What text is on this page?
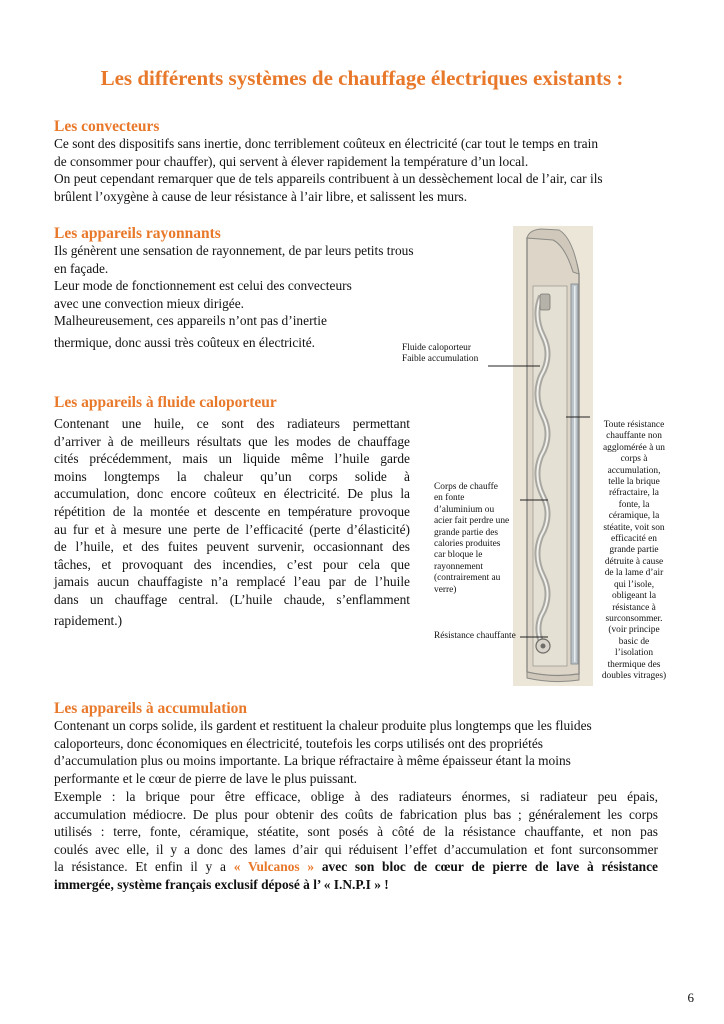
Les différents systèmes de chauffage électriques existants :
Les convecteurs
Ce sont des dispositifs sans inertie, donc terriblement coûteux en électricité (car tout le temps en train
de consommer pour chauffer), qui servent à élever rapidement la température d’un local.
On peut cependant remarquer que de tels appareils contribuent à un dessèchement local de l’air, car ils
brûlent l’oxygène à cause de leur résistance à l’air libre, et salissent les murs.
Les appareils rayonnants
Ils génèrent une sensation de rayonnement, de par leurs petits trous
en façade.
Leur mode de fonctionnement est celui des convecteurs
avec une convection mieux dirigée.
Malheureusement, ces appareils n’ont pas d’inertie
thermique, donc aussi très coûteux en électricité.
Les appareils à fluide caloporteur
Contenant une huile, ce sont des radiateurs permettant
d’arriver à de meilleurs résultats que les modes de chauffage
cités précédemment, mais un liquide même l’huile garde
moins longtemps la chaleur qu’un corps solide à
accumulation, donc encore coûteux en électricité. De plus la
répétition de la montée et descente en température provoque
au fur et à mesure une perte de l’efficacité (perte d’élasticité)
de l’huile, et des fuites peuvent survenir, occasionnant des
tâches, et provoquant des incendies, c’est pour cela que
jamais aucun chauffagiste n’a remplacé l’eau par de l’huile
dans un chauffage central. (L’huile chaude, s’enflamment
rapidement.)
Fluide caloporteur
Faible accumulation
Corps de chauffe
en fonte
d’aluminium ou
acier fait perdre une
grande partie des
calories produites
car bloque le
rayonnement
(contrairement au
verre)
Résistance chauffante
Toute résistance
chauffante non
agglomérée à un
corps à
accumulation,
telle la brique
réfractaire, la
fonte, la
céramique, la
stéatite, voit son
efficacité en
grande partie
détruite à cause
de la lame d’air
qui l’isole,
obligeant la
résistance à
surconsommer.
(voir principe
basic de
l’isolation
thermique des
doubles vitrages)
Les appareils à accumulation
Contenant un corps solide, ils gardent et restituent la chaleur produite plus longtemps que les fluides
caloporteurs, donc économiques en électricité, toutefois les corps utilisés ont des propriétés
d’accumulation plus ou moins importante. La brique réfractaire à même épaisseur étant la moins
performante et le cœur de pierre de lave le plus puissant.
Exemple : la brique pour être efficace, oblige à des radiateurs énormes, si radiateur peu épais,
accumulation médiocre. De plus pour obtenir des coûts de fabrication plus bas ; généralement les corps
utilisés : terre, fonte, céramique, stéatite, sont posés à côté de la résistance chauffante, et non pas
coulés avec elle, il y a donc des lames d’air qui réduisent l’effet d’accumulation et font surconsommer
la résistance. Et enfin il y a « Vulcanos » avec son bloc de cœur de pierre de lave à résistance
immergée, système français exclusif déposé à l’ « I.N.P.I » !
6
